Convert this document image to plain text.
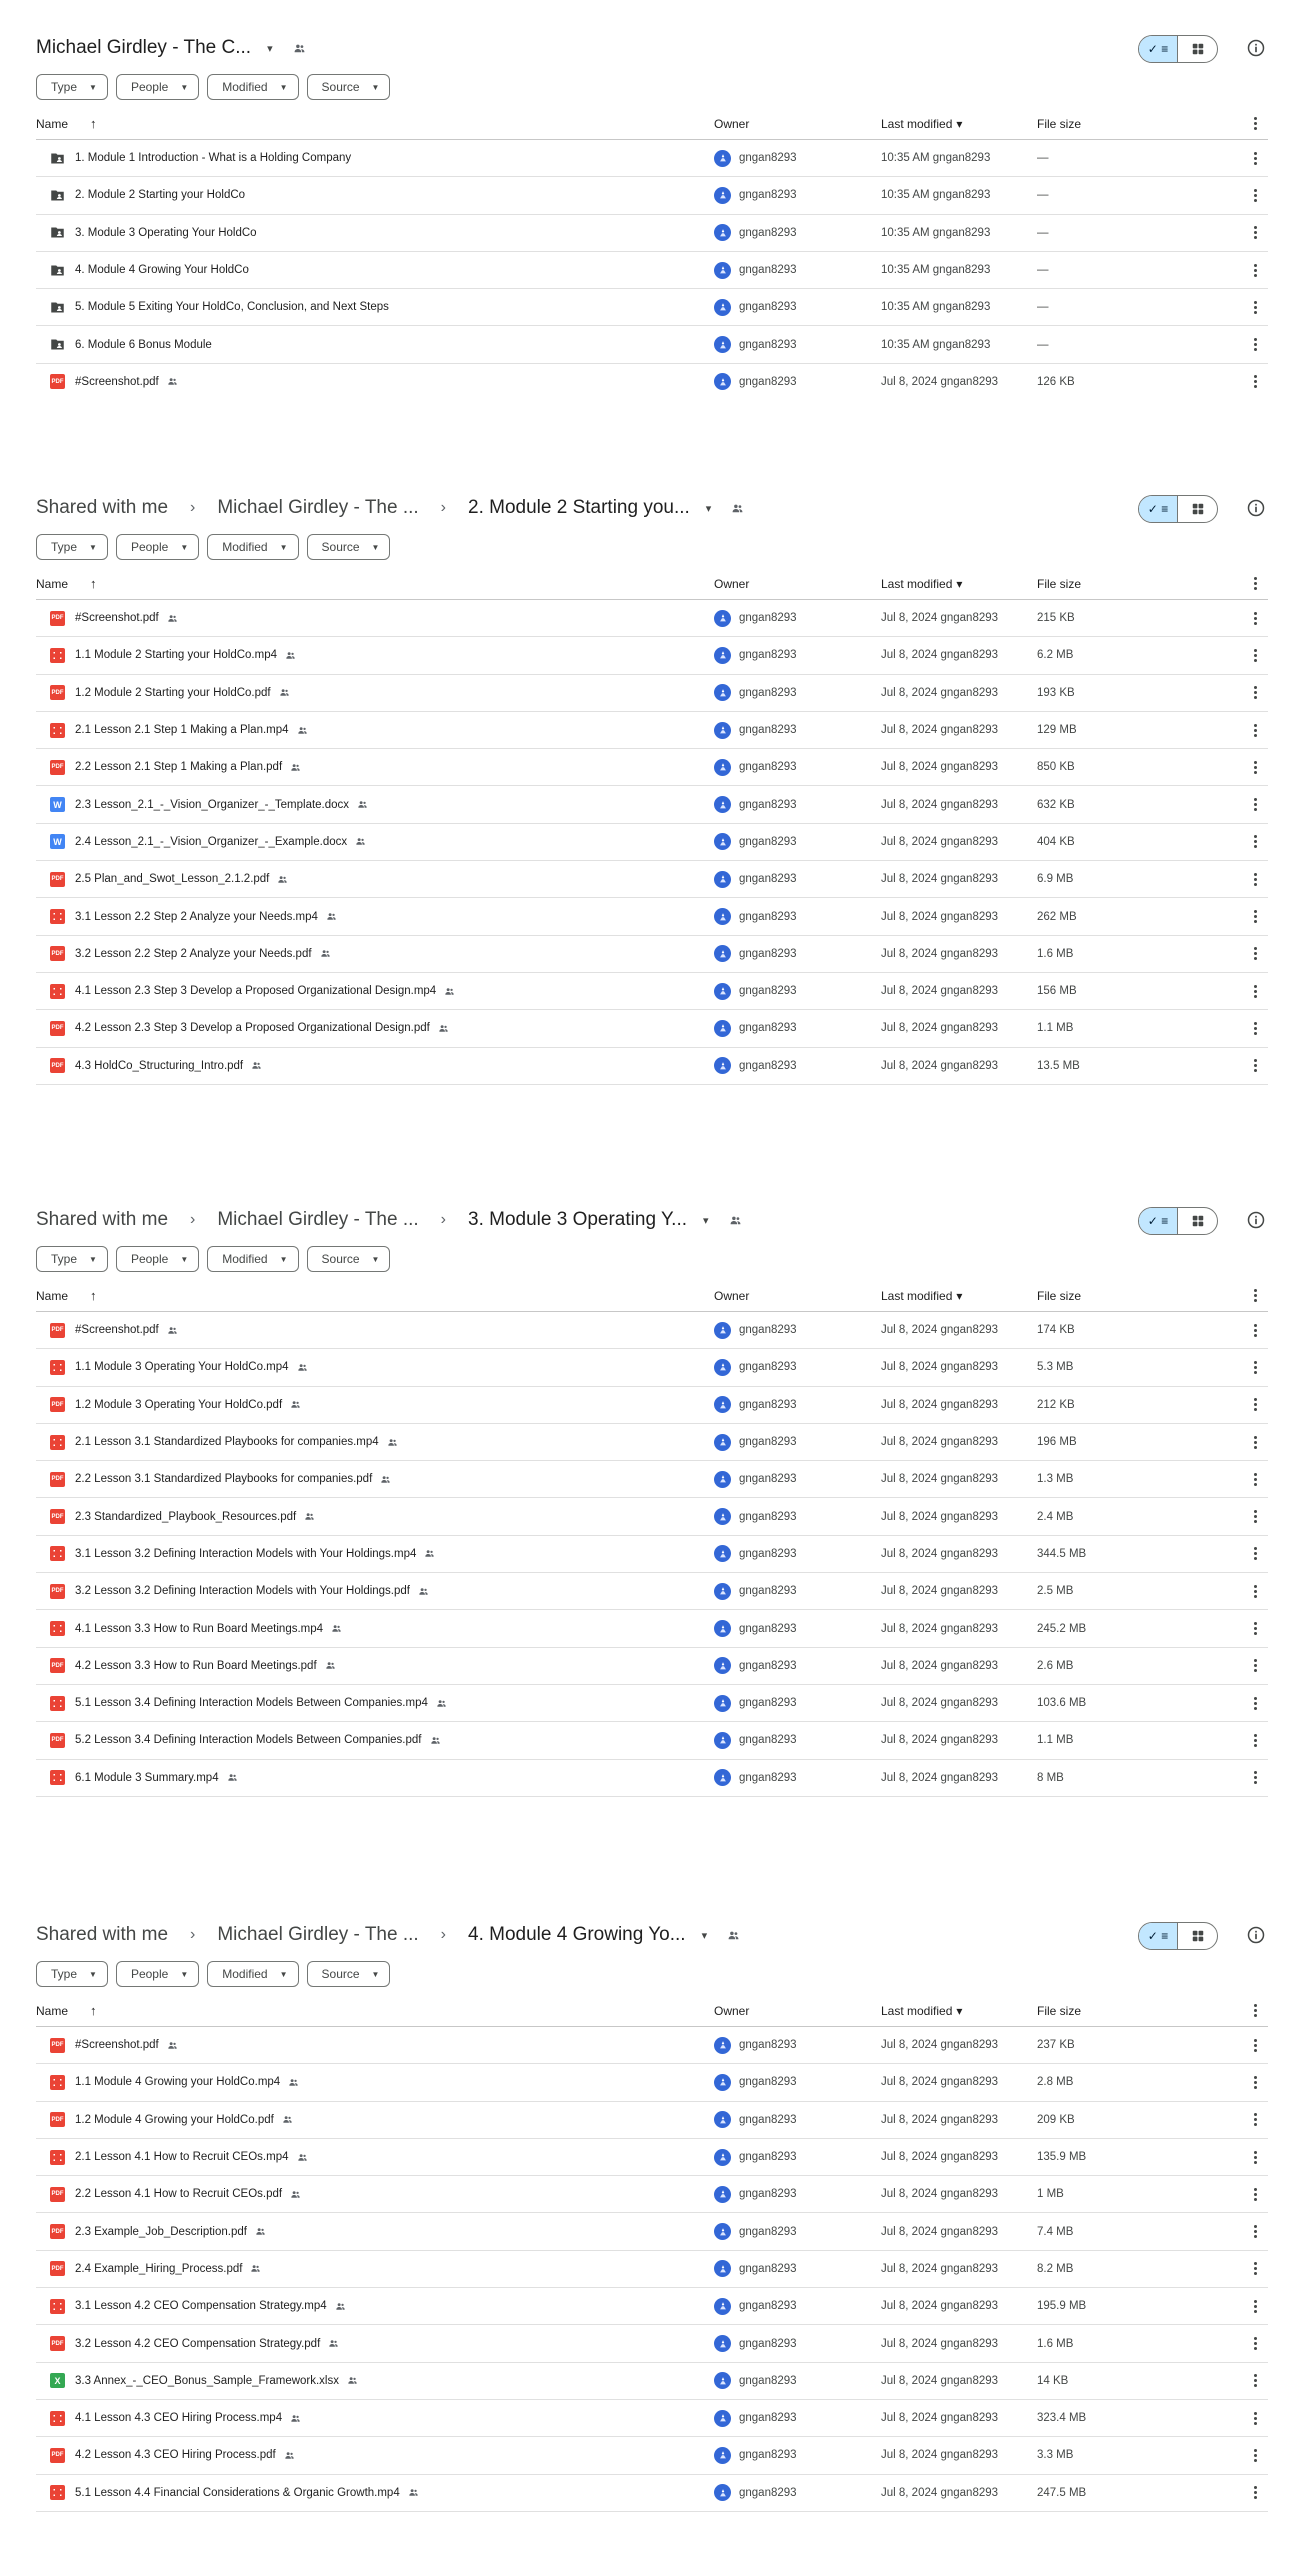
Michael Girdley - The C... ▾	✓
≡
Type ▼	People ▼	Modified ▼	Source ▼
Name ↑	Owner	Last modified ▾	File size
1. Module 1 Introduction - What is a Holding Company	gngan8293	10:35 AM gngan8293	—
2. Module 2 Starting your HoldCo	gngan8293	10:35 AM gngan8293	—
3. Module 3 Operating Your HoldCo	gngan8293	10:35 AM gngan8293	—
4. Module 4 Growing Your HoldCo	gngan8293	10:35 AM gngan8293	—
5. Module 5 Exiting Your HoldCo, Conclusion, and Next Steps	gngan8293	10:35 AM gngan8293	—
6. Module 6 Bonus Module	gngan8293	10:35 AM gngan8293	—
PDF #Screenshot.pdf	gngan8293	Jul 8, 2024 gngan8293	126 KB
Shared with me › Michael Girdley - The ... › 2. Module 2 Starting you... ▾	✓
≡
Type ▼	People ▼	Modified ▼	Source ▼
Name ↑	Owner	Last modified ▾	File size
PDF #Screenshot.pdf	gngan8293	Jul 8, 2024 gngan8293	215 KB
1.1 Module 2 Starting your HoldCo.mp4	gngan8293	Jul 8, 2024 gngan8293	6.2 MB
PDF 1.2 Module 2 Starting your HoldCo.pdf	gngan8293	Jul 8, 2024 gngan8293	193 KB
2.1 Lesson 2.1 Step 1 Making a Plan.mp4	gngan8293	Jul 8, 2024 gngan8293	129 MB
PDF 2.2 Lesson 2.1 Step 1 Making a Plan.pdf	gngan8293	Jul 8, 2024 gngan8293	850 KB
W 2.3 Lesson_2.1_-_Vision_Organizer_-_Template.docx	gngan8293	Jul 8, 2024 gngan8293	632 KB
W 2.4 Lesson_2.1_-_Vision_Organizer_-_Example.docx	gngan8293	Jul 8, 2024 gngan8293	404 KB
PDF 2.5 Plan_and_Swot_Lesson_2.1.2.pdf	gngan8293	Jul 8, 2024 gngan8293	6.9 MB
3.1 Lesson 2.2 Step 2 Analyze your Needs.mp4	gngan8293	Jul 8, 2024 gngan8293	262 MB
PDF 3.2 Lesson 2.2 Step 2 Analyze your Needs.pdf	gngan8293	Jul 8, 2024 gngan8293	1.6 MB
4.1 Lesson 2.3 Step 3 Develop a Proposed Organizational Design.mp4	gngan8293	Jul 8, 2024 gngan8293	156 MB
PDF 4.2 Lesson 2.3 Step 3 Develop a Proposed Organizational Design.pdf	gngan8293	Jul 8, 2024 gngan8293	1.1 MB
PDF 4.3 HoldCo_Structuring_Intro.pdf	gngan8293	Jul 8, 2024 gngan8293	13.5 MB
Shared with me › Michael Girdley - The ... › 3. Module 3 Operating Y... ▾	✓
≡
Type ▼	People ▼	Modified ▼	Source ▼
Name ↑	Owner	Last modified ▾	File size
PDF #Screenshot.pdf	gngan8293	Jul 8, 2024 gngan8293	174 KB
1.1 Module 3 Operating Your HoldCo.mp4	gngan8293	Jul 8, 2024 gngan8293	5.3 MB
PDF 1.2 Module 3 Operating Your HoldCo.pdf	gngan8293	Jul 8, 2024 gngan8293	212 KB
2.1 Lesson 3.1 Standardized Playbooks for companies.mp4	gngan8293	Jul 8, 2024 gngan8293	196 MB
PDF 2.2 Lesson 3.1 Standardized Playbooks for companies.pdf	gngan8293	Jul 8, 2024 gngan8293	1.3 MB
PDF 2.3 Standardized_Playbook_Resources.pdf	gngan8293	Jul 8, 2024 gngan8293	2.4 MB
3.1 Lesson 3.2 Defining Interaction Models with Your Holdings.mp4	gngan8293	Jul 8, 2024 gngan8293	344.5 MB
PDF 3.2 Lesson 3.2 Defining Interaction Models with Your Holdings.pdf	gngan8293	Jul 8, 2024 gngan8293	2.5 MB
4.1 Lesson 3.3 How to Run Board Meetings.mp4	gngan8293	Jul 8, 2024 gngan8293	245.2 MB
PDF 4.2 Lesson 3.3 How to Run Board Meetings.pdf	gngan8293	Jul 8, 2024 gngan8293	2.6 MB
5.1 Lesson 3.4 Defining Interaction Models Between Companies.mp4	gngan8293	Jul 8, 2024 gngan8293	103.6 MB
PDF 5.2 Lesson 3.4 Defining Interaction Models Between Companies.pdf	gngan8293	Jul 8, 2024 gngan8293	1.1 MB
6.1 Module 3 Summary.mp4	gngan8293	Jul 8, 2024 gngan8293	8 MB
Shared with me › Michael Girdley - The ... › 4. Module 4 Growing Yo... ▾	✓
≡
Type ▼	People ▼	Modified ▼	Source ▼
Name ↑	Owner	Last modified ▾	File size
PDF #Screenshot.pdf	gngan8293	Jul 8, 2024 gngan8293	237 KB
1.1 Module 4 Growing your HoldCo.mp4	gngan8293	Jul 8, 2024 gngan8293	2.8 MB
PDF 1.2 Module 4 Growing your HoldCo.pdf	gngan8293	Jul 8, 2024 gngan8293	209 KB
2.1 Lesson 4.1 How to Recruit CEOs.mp4	gngan8293	Jul 8, 2024 gngan8293	135.9 MB
PDF 2.2 Lesson 4.1 How to Recruit CEOs.pdf	gngan8293	Jul 8, 2024 gngan8293	1 MB
PDF 2.3 Example_Job_Description.pdf	gngan8293	Jul 8, 2024 gngan8293	7.4 MB
PDF 2.4 Example_Hiring_Process.pdf	gngan8293	Jul 8, 2024 gngan8293	8.2 MB
3.1 Lesson 4.2 CEO Compensation Strategy.mp4	gngan8293	Jul 8, 2024 gngan8293	195.9 MB
PDF 3.2 Lesson 4.2 CEO Compensation Strategy.pdf	gngan8293	Jul 8, 2024 gngan8293	1.6 MB
X	3.3 Annex_-_CEO_Bonus_Sample_Framework.xlsx	gngan8293	Jul 8, 2024 gngan8293	14 KB
4.1 Lesson 4.3 CEO Hiring Process.mp4	gngan8293	Jul 8, 2024 gngan8293	323.4 MB
PDF 4.2 Lesson 4.3 CEO Hiring Process.pdf	gngan8293	Jul 8, 2024 gngan8293	3.3 MB
5.1 Lesson 4.4 Financial Considerations & Organic Growth.mp4	gngan8293	Jul 8, 2024 gngan8293	247.5 MB
